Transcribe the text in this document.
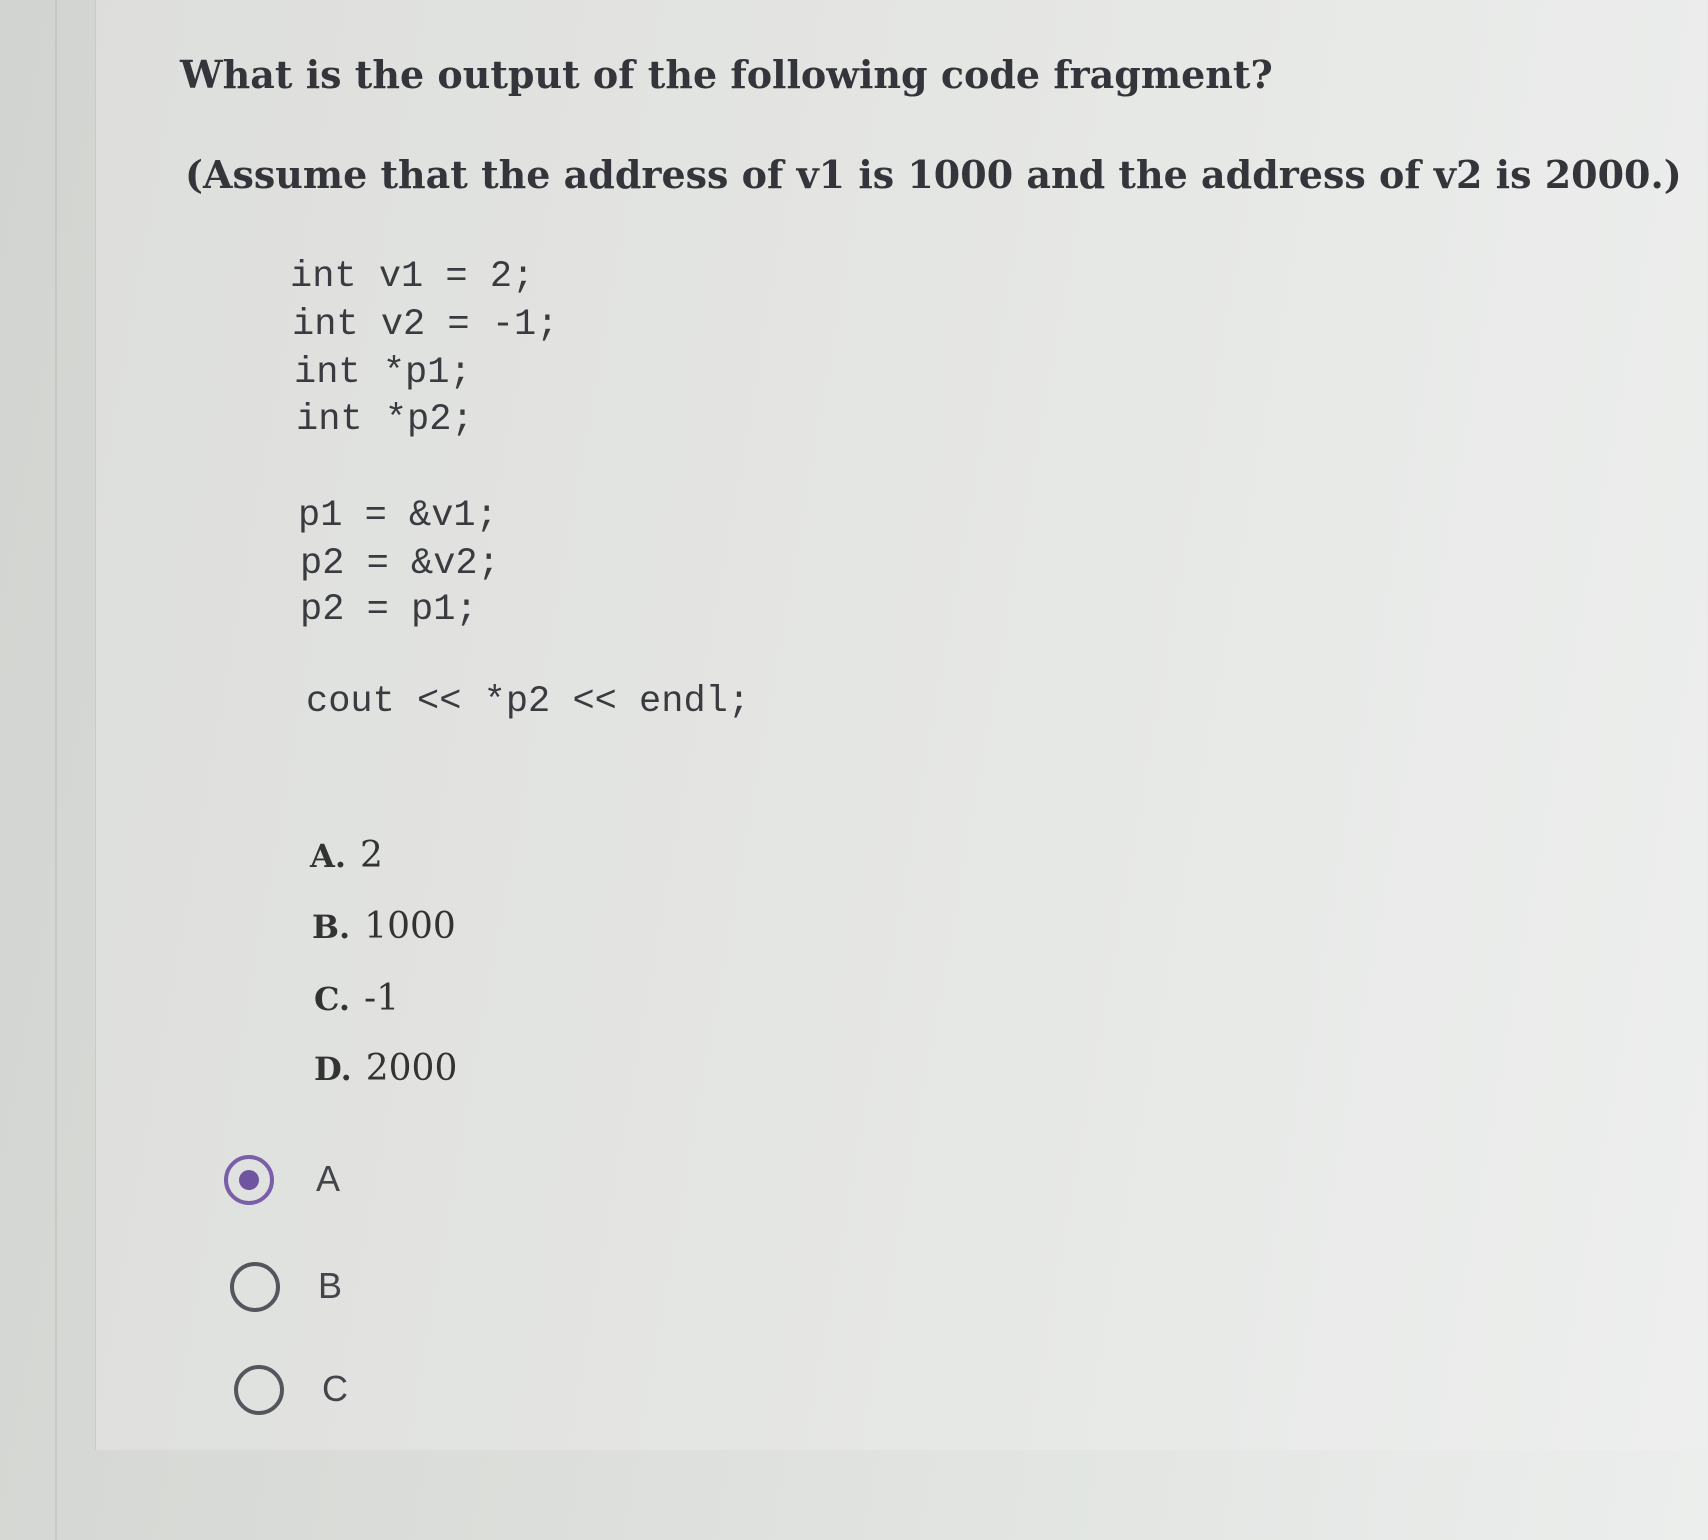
What is the output of the following code fragment?
(Assume that the address of v1 is 1000 and the address of v2 is 2000.)
int v1 = 2;
int v2 = -1;
int *p1;
int *p2;
p1 = &v1;
p2 = &v2;
p2 = p1;
cout << *p2 << endl;
A. 2
B. 1000
C. -1
D. 2000
A
B
C
